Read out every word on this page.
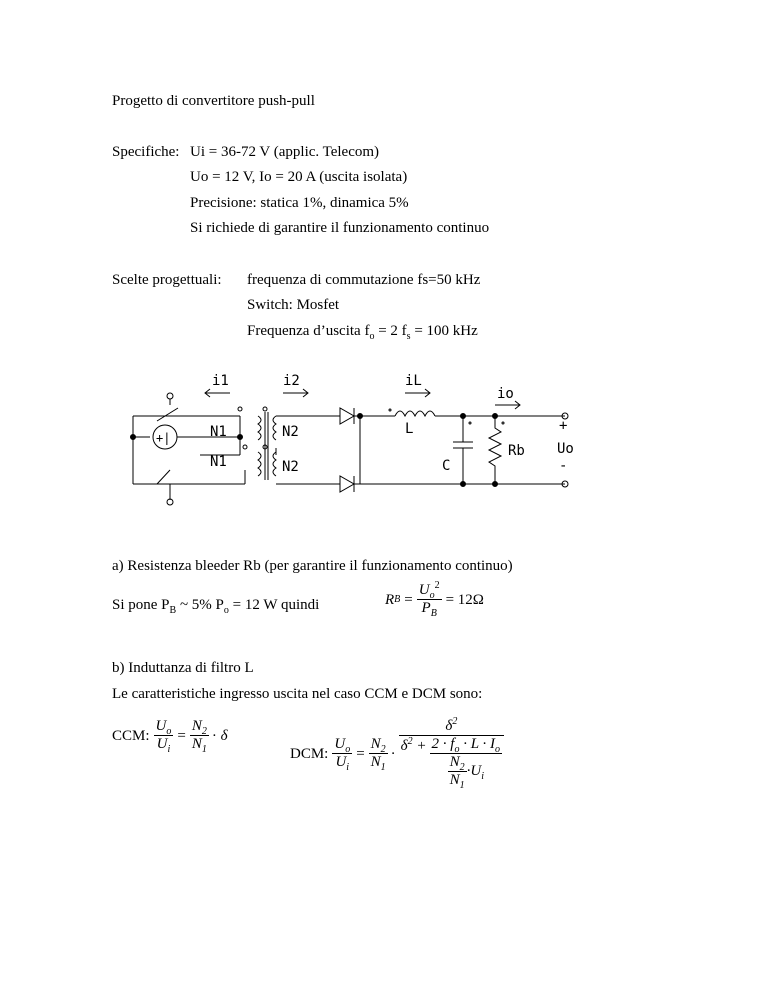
Progetto di convertitore push-pull
Specifiche: Ui = 36-72 V (applic. Telecom)
Uo = 12 V, Io = 20 A (uscita isolata)
Precisione: statica 1%, dinamica 5%
Si richiede di garantire il funzionamento continuo
Scelte progettuali: frequenza di commutazione fs=50 kHz
Switch: Mosfet
Frequenza d’uscita $f_o = 2$ $f_s = 100$ kHz
i1	i2	iL
io
N1
N1
N2
N2
L
C
Rb Uo
+
-
+|
a) Resistenza bleeder Rb (per garantire il funzionamento continuo)
Si pone $P_B$ ~ 5% $P_o = 12$ W quindi	R $B = \frac{U_o^2}{P_B} = 12\Omega$
b) Induttanza di filtro L
Le caratteristiche ingresso uscita nel caso CCM e DCM sono:
CCM: $\frac{U_o}{U_i} = \frac{N_2}{N_1} \cdot \delta$
DCM: $\frac{U_o}{U_i} = \frac{N_2}{N_1} \cdot \frac{\delta^2}{\delta^2 + \frac{2 \cdot f_o \cdot L \cdot I_o}{\frac{N_2}{N_1} \cdot U_i}}$
